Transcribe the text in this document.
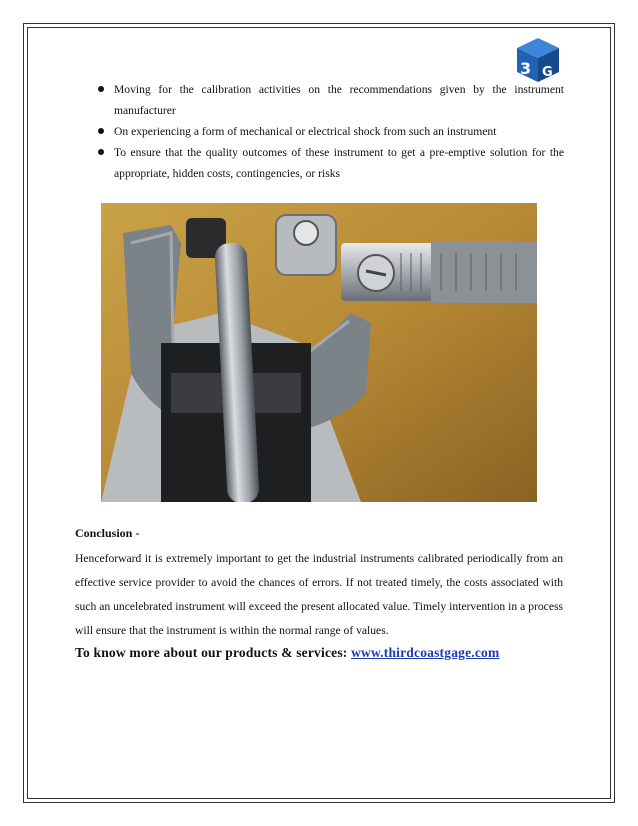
3 G
Moving for the calibration activities on the recommendations given by the instrument manufacturer
On experiencing a form of mechanical or electrical shock from such an instrument
To ensure that the quality outcomes of these instrument to get a pre-emptive solution for the appropriate, hidden costs, contingencies, or risks
Conclusion -

Henceforward it is extremely important to get the industrial instruments calibrated periodically from an effective service provider to avoid the chances of errors. If not treated timely, the costs associated with such an uncelebrated instrument will exceed the present allocated value. Timely intervention in a process will ensure that the instrument is within the normal range of values.

To know more about our products & services: www.thirdcoastgage.com
